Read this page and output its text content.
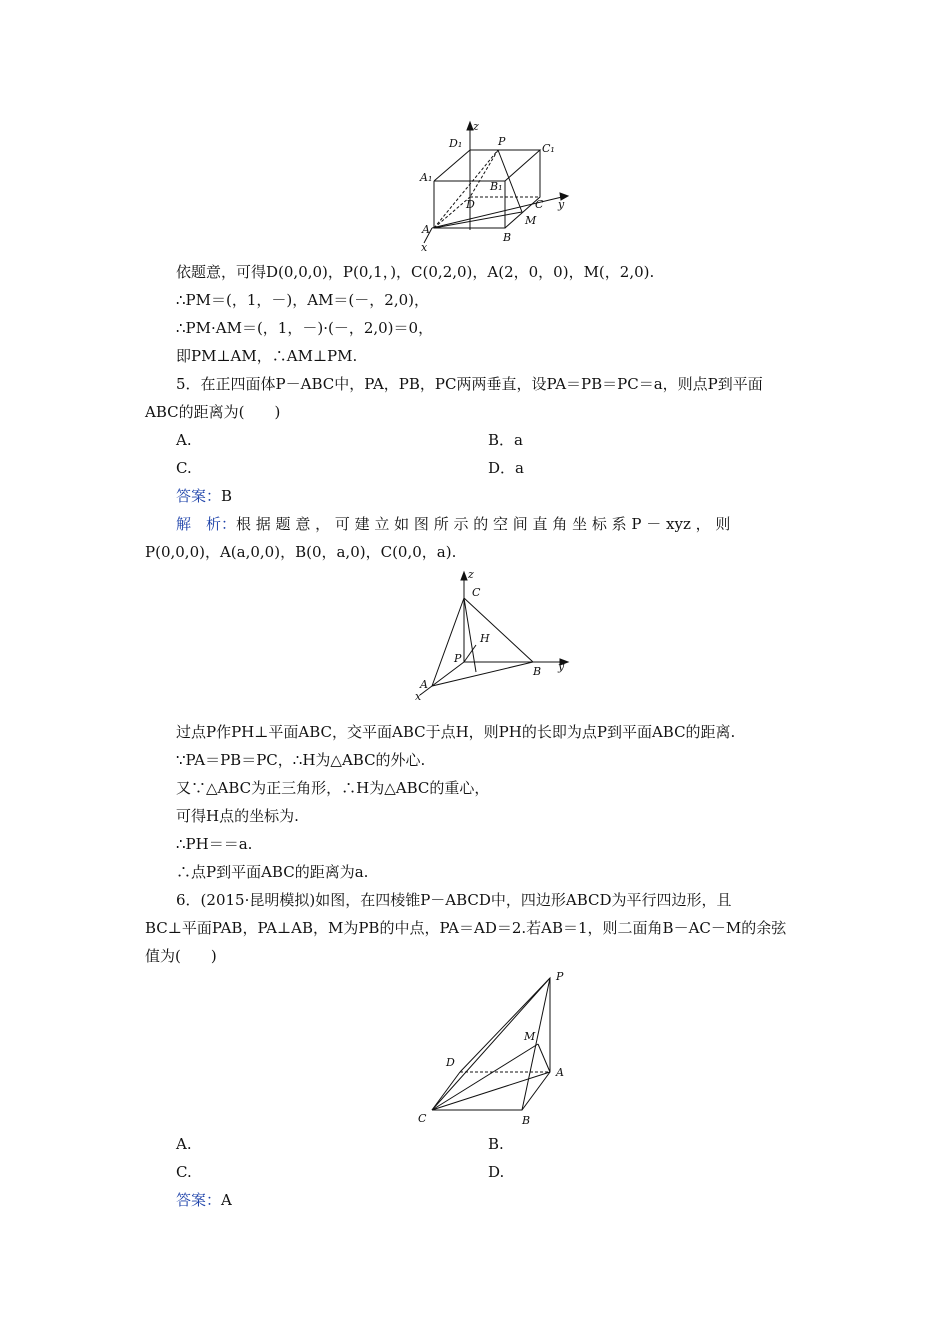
z
P
D₁	C₁
A₁
B₁
D	C y
A
M
B
x
依题意，可得D(0,0,0)，P(0,1，)，C(0,2,0)，A(2，0，0)，M(，2,0).
∴PM＝(，1，－)，AM＝(－，2,0)，
∴PM·AM＝(，1，－)·(－，2,0)＝0，
即PM⊥AM，∴AM⊥PM.
5．在正四面体P－ABC中，PA，PB，PC两两垂直，设PA＝PB＝PC＝a，则点P到平面
ABC的距离为(　　)
A.	B．a
C.	D．a
答案：B
解　析：根 据 题 意 ， 可 建 立 如 图 所 示 的 空 间 直 角 坐 标 系 P － xyz ， 则
P(0,0,0)，A(a,0,0)，B(0，a,0)，C(0,0，a).
z
C
H
P
B y
A
x
过点P作PH⊥平面ABC，交平面ABC于点H，则PH的长即为点P到平面ABC的距离.
∵PA＝PB＝PC，∴H为△ABC的外心.
又∵△ABC为正三角形，∴H为△ABC的重心，
可得H点的坐标为.
∴PH＝＝a.
∴点P到平面ABC的距离为a.
6．(2015·昆明模拟)如图，在四棱锥P－ABCD中，四边形ABCD为平行四边形，且
BC⊥平面PAB，PA⊥AB，M为PB的中点，PA＝AD＝2.若AB＝1，则二面角B－AC－M的余弦
值为(　　)
P
M
D
A
C	B
A.	B.
C.	D.
答案：A
